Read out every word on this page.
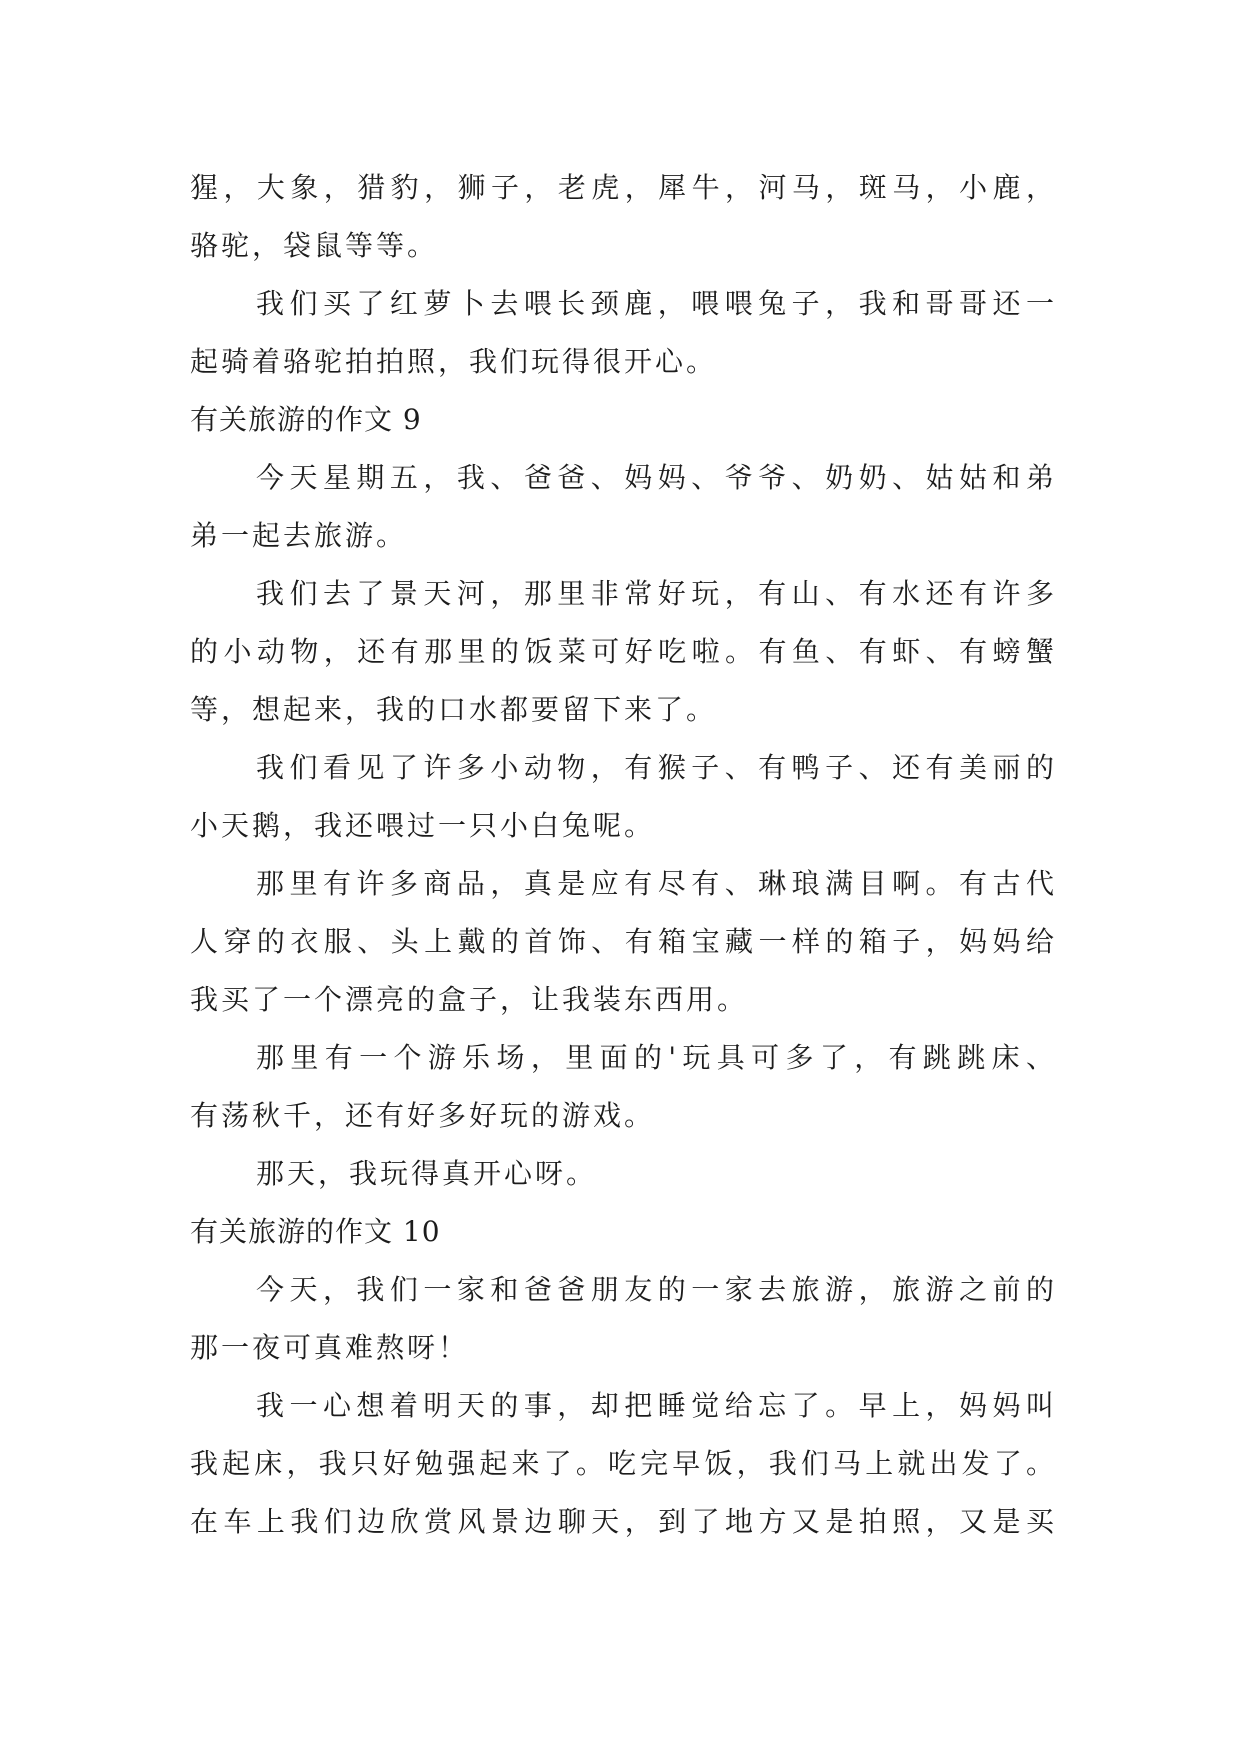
猩，大象，猎豹，狮子，老虎，犀牛，河马，斑马，小鹿，
骆驼，袋鼠等等。
我们买了红萝卜去喂长颈鹿，喂喂兔子，我和哥哥还一
起骑着骆驼拍拍照，我们玩得很开心。
有关旅游的作文 9
今天星期五，我、爸爸、妈妈、爷爷、奶奶、姑姑和弟
弟一起去旅游。
我们去了景天河，那里非常好玩，有山、有水还有许多
的小动物，还有那里的饭菜可好吃啦。有鱼、有虾、有螃蟹
等，想起来，我的口水都要留下来了。
我们看见了许多小动物，有猴子、有鸭子、还有美丽的
小天鹅，我还喂过一只小白兔呢。
那里有许多商品，真是应有尽有、琳琅满目啊。有古代
人穿的衣服、头上戴的首饰、有箱宝藏一样的箱子，妈妈给
我买了一个漂亮的盒子，让我装东西用。
那里有一个游乐场，里面的'玩具可多了，有跳跳床、
有荡秋千，还有好多好玩的游戏。
那天，我玩得真开心呀。
有关旅游的作文 10
今天，我们一家和爸爸朋友的一家去旅游，旅游之前的
那一夜可真难熬呀！
我一心想着明天的事，却把睡觉给忘了。早上，妈妈叫
我起床，我只好勉强起来了。吃完早饭，我们马上就出发了。
在车上我们边欣赏风景边聊天，到了地方又是拍照，又是买
